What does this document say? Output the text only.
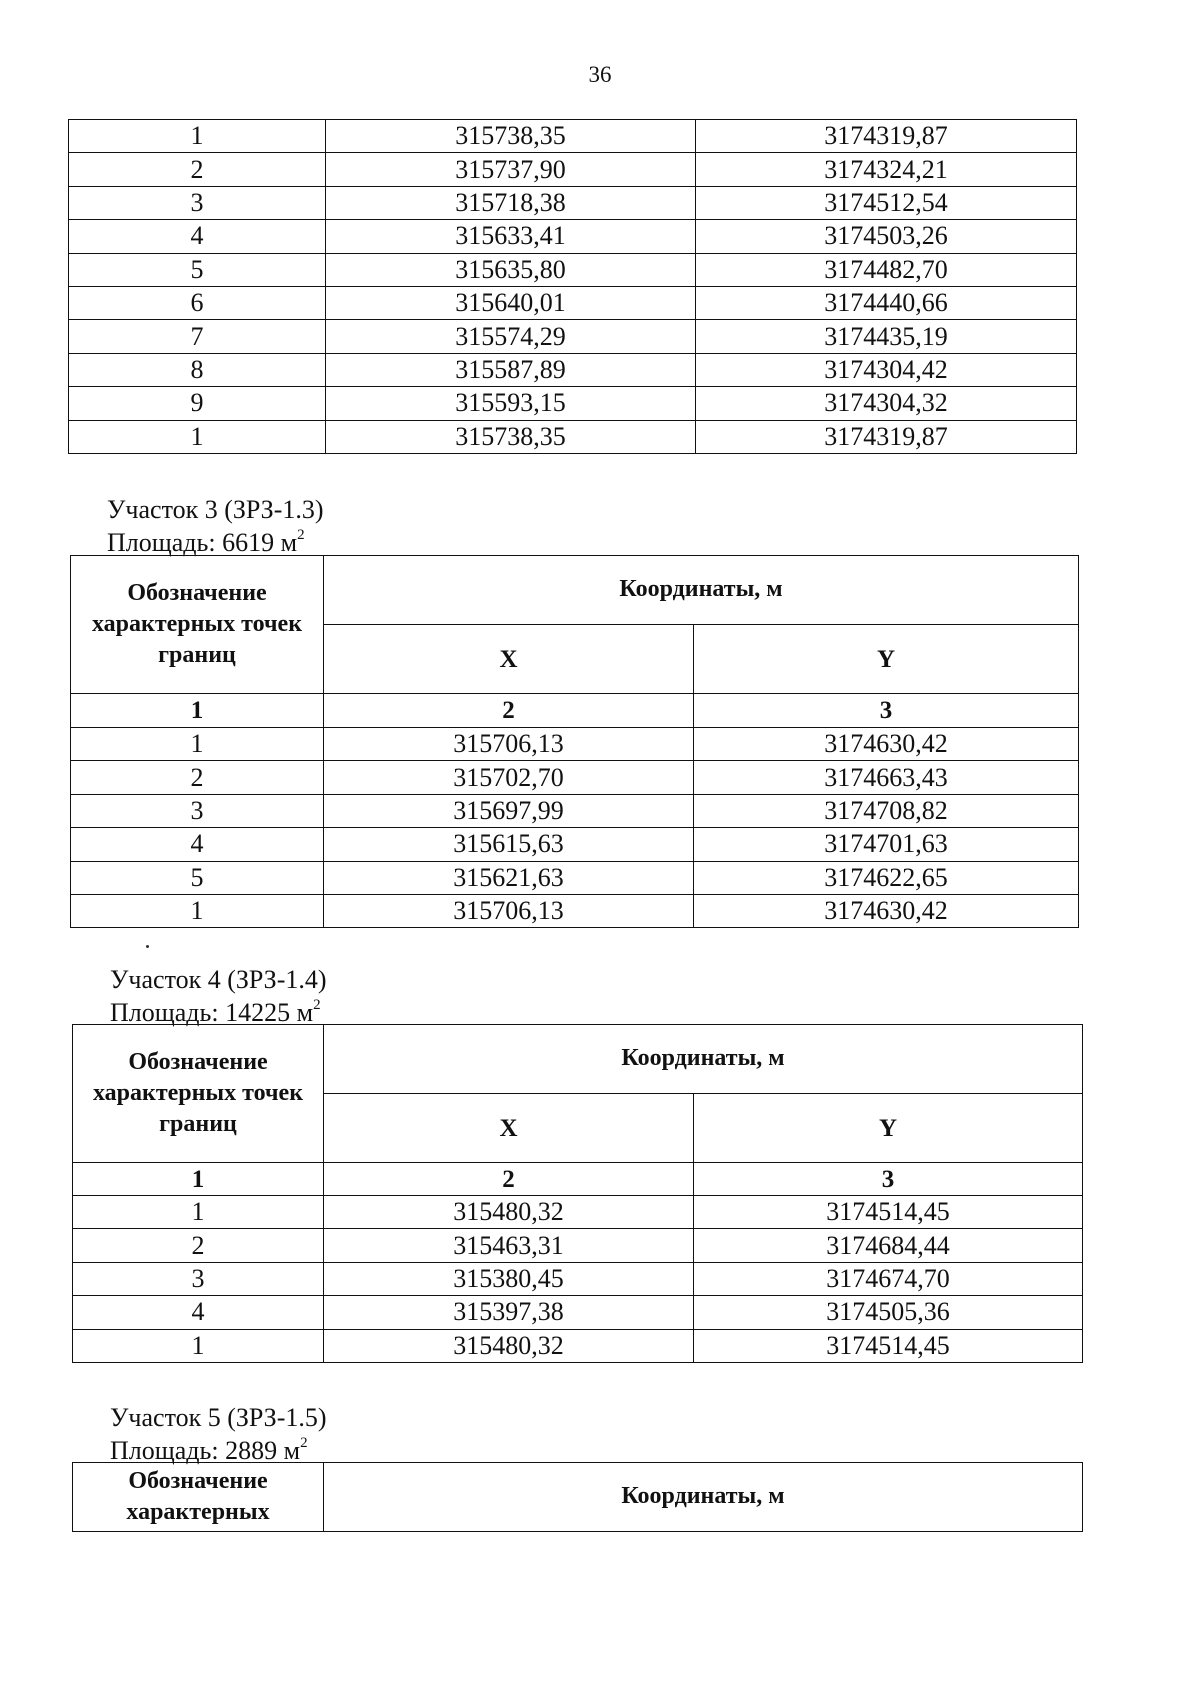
36
1	315738,35	3174319,87
2	315737,90	3174324,21
3	315718,38	3174512,54
4	315633,41	3174503,26
5	315635,80	3174482,70
6	315640,01	3174440,66
7	315574,29	3174435,19
8	315587,89	3174304,42
9	315593,15	3174304,32
1	315738,35	3174319,87
Участок 3 (ЗРЗ-1.3)
Площадь: 6619 $м^2$
Обозначение характерных точек границ	Координаты, м	
	X	Y
1	2	3
1	315706,13	3174630,42
2	315702,70	3174663,43
3	315697,99	3174708,82
4	315615,63	3174701,63
5	315621,63	3174622,65
1	315706,13	3174630,42
Участок 4 (ЗРЗ-1.4)
Площадь: 14225 $м^2$
Обозначение характерных точек границ	Координаты, м	
	X	Y
1	2	3
1	315480,32	3174514,45
2	315463,31	3174684,44
3	315380,45	3174674,70
4	315397,38	3174505,36
1	315480,32	3174514,45
Участок 5 (ЗРЗ-1.5)
Площадь: 2889 $м^2$
Обозначение характерных	Координаты, м
